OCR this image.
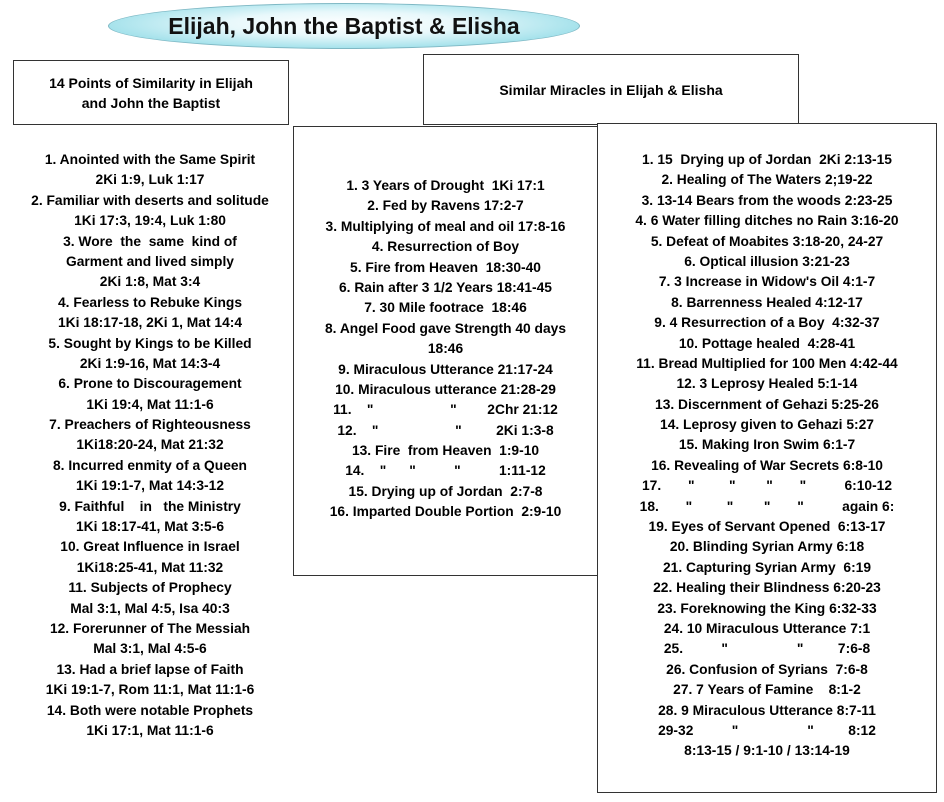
Elijah, John the Baptist & Elisha
14 Points of Similarity in Elijah
and John the Baptist
Similar Miracles in Elijah & Elisha
1. Anointed with the Same Spirit
2Ki 1:9, Luk 1:17
2. Familiar with deserts and solitude
1Ki 17:3, 19:4, Luk 1:80
3. Wore  the  same  kind of
Garment and lived simply
2Ki 1:8, Mat 3:4
4. Fearless to Rebuke Kings
1Ki 18:17-18, 2Ki 1, Mat 14:4
5. Sought by Kings to be Killed
2Ki 1:9-16, Mat 14:3-4
6. Prone to Discouragement
1Ki 19:4, Mat 11:1-6
7. Preachers of Righteousness
1Ki18:20-24, Mat 21:32
8. Incurred enmity of a Queen
1Ki 19:1-7, Mat 14:3-12
9. Faithful    in   the Ministry
1Ki 18:17-41, Mat 3:5-6
10. Great Influence in Israel
1Ki18:25-41, Mat 11:32
11. Subjects of Prophecy
Mal 3:1, Mal 4:5, Isa 40:3
12. Forerunner of The Messiah
Mal 3:1, Mal 4:5-6
13. Had a brief lapse of Faith
1Ki 19:1-7, Rom 11:1, Mat 11:1-6
14. Both were notable Prophets
1Ki 17:1, Mat 11:1-6
1. 3 Years of Drought  1Ki 17:1
2. Fed by Ravens 17:2-7
3. Multiplying of meal and oil 17:8-16
4. Resurrection of Boy
5. Fire from Heaven  18:30-40
6. Rain after 3 1/2 Years 18:41-45
7. 30 Mile footrace  18:46
8. Angel Food gave Strength 40 days
18:46
9. Miraculous Utterance 21:17-24
10. Miraculous utterance 21:28-29
11.    "                    "        2Chr 21:12
12.    "                    "         2Ki 1:3-8
13. Fire  from Heaven  1:9-10
14.    "      "          "          1:11-12
15. Drying up of Jordan  2:7-8
16. Imparted Double Portion  2:9-10
1. 15  Drying up of Jordan  2Ki 2:13-15
2. Healing of The Waters 2;19-22
3. 13-14 Bears from the woods 2:23-25
4. 6 Water filling ditches no Rain 3:16-20
5. Defeat of Moabites 3:18-20, 24-27
6. Optical illusion 3:21-23
7. 3 Increase in Widow's Oil 4:1-7
8. Barrenness Healed 4:12-17
9. 4 Resurrection of a Boy  4:32-37
10. Pottage healed  4:28-41
11. Bread Multiplied for 100 Men 4:42-44
12. 3 Leprosy Healed 5:1-14
13. Discernment of Gehazi 5:25-26
14. Leprosy given to Gehazi 5:27
15. Making Iron Swim 6:1-7
16. Revealing of War Secrets 6:8-10
17.       "         "        "       "          6:10-12
18.       "         "        "       "          again 6:
19. Eyes of Servant Opened  6:13-17
20. Blinding Syrian Army 6:18
21. Capturing Syrian Army  6:19
22. Healing their Blindness 6:20-23
23. Foreknowing the King 6:32-33
24. 10 Miraculous Utterance 7:1
25.          "                  "         7:6-8
26. Confusion of Syrians  7:6-8
27. 7 Years of Famine    8:1-2
28. 9 Miraculous Utterance 8:7-11
29-32          "                  "         8:12
8:13-15 / 9:1-10 / 13:14-19
